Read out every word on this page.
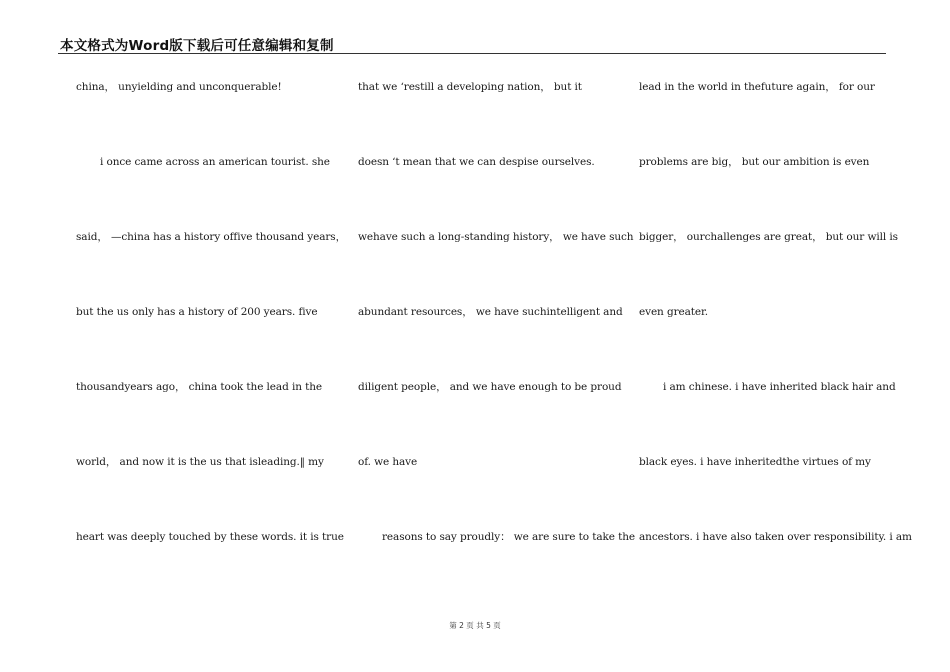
本文格式为Word版下载后可任意编辑和复制
china， unyielding and unconquerable!
i once came across an american tourist. she
said， —china has a history offive thousand years，
but the us only has a history of 200 years. five
thousandyears ago， china took the lead in the
world， and now it is the us that isleading.‖ my
heart was deeply touched by these words. it is true
that we ‘restill a developing nation， but it
doesn ‘t mean that we can despise ourselves.
wehave such a long-standing history， we have such
abundant resources， we have suchintelligent and
diligent people， and we have enough to be proud
of. we have
reasons to say proudly： we are sure to take the
lead in the world in thefuture again， for our
problems are big， but our ambition is even
bigger， ourchallenges are great， but our will is
even greater.
i am chinese. i have inherited black hair and
black eyes. i have inheritedthe virtues of my
ancestors. i have also taken over responsibility. i am
第 2 页 共 5 页
